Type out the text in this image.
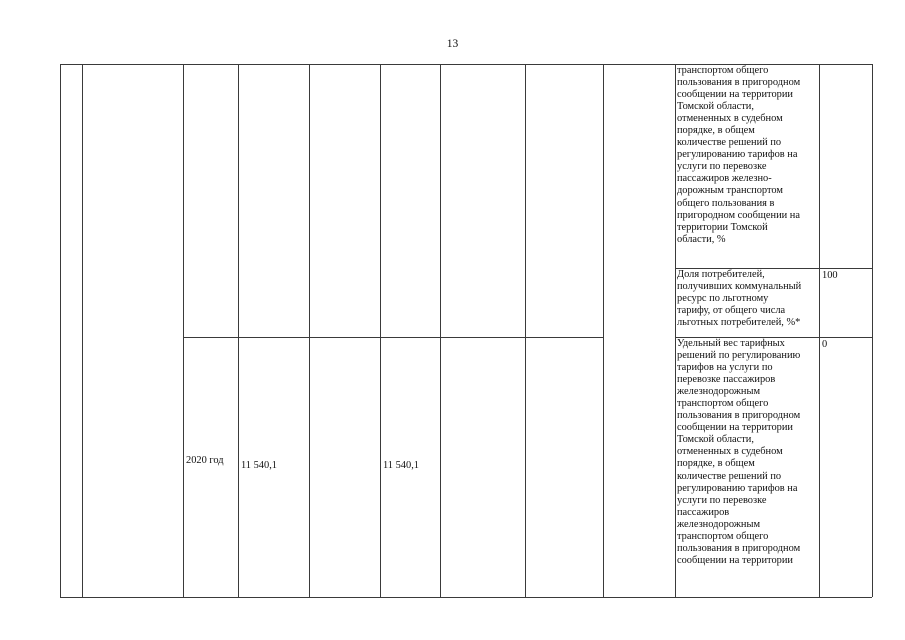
13
транспортом общего
пользования в пригородном
сообщении на территории
Томской области,
отмененных в судебном
порядке, в общем
количестве решений по
регулированию тарифов на
услуги по перевозке
пассажиров железно-
дорожным транспортом
общего пользования в
пригородном сообщении на
территории Томской
области, %
Доля потребителей,
получивших коммунальный
ресурс по льготному
тарифу, от общего числа
льготных потребителей, %*
100
2020 год 11 540,1	11 540,1
Удельный вес тарифных
решений по регулированию
тарифов на услуги по
перевозке пассажиров
железнодорожным
транспортом общего
пользования в пригородном
сообщении на территории
Томской области,
отмененных в судебном
порядке, в общем
количестве решений по
регулированию тарифов на
услуги по перевозке
пассажиров
железнодорожным
транспортом общего
пользования в пригородном
сообщении на территории
0
